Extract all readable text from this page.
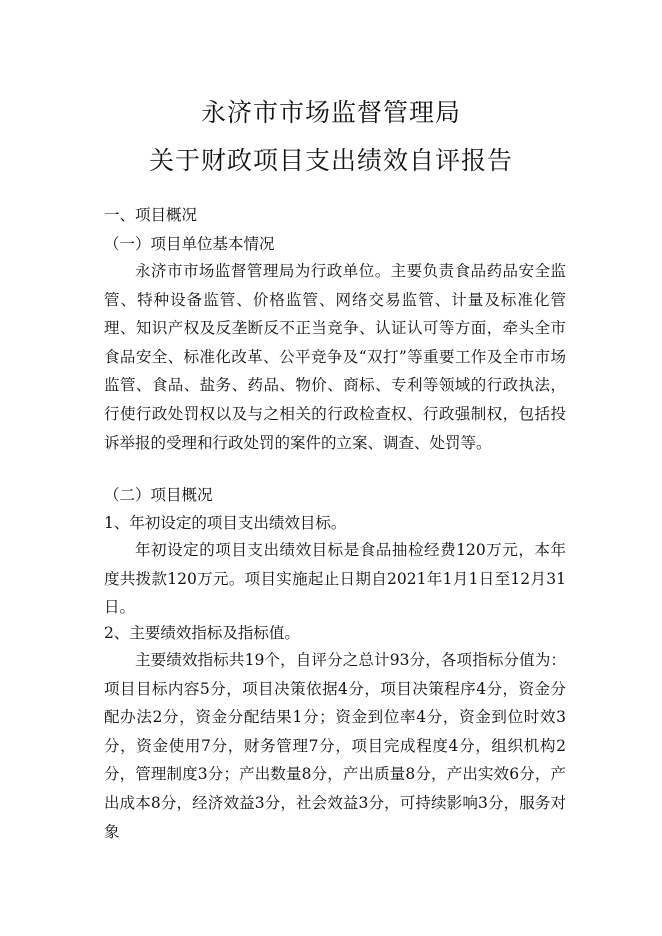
永济市市场监督管理局
关于财政项目支出绩效自评报告
一、项目概况
（一）项目单位基本情况
永济市市场监督管理局为行政单位。主要负责食品药品安全监管、特种设备监管、价格监管、网络交易监管、计量及标准化管理、知识产权及反垄断反不正当竞争、认证认可等方面，牵头全市食品安全、标准化改革、公平竞争及“双打”等重要工作及全市市场监管、食品、盐务、药品、物价、商标、专利等领域的行政执法，行使行政处罚权以及与之相关的行政检查权、行政强制权，包括投诉举报的受理和行政处罚的案件的立案、调查、处罚等。
（二）项目概况
1、年初设定的项目支出绩效目标。
年初设定的项目支出绩效目标是食品抽检经费120万元，本年度共拨款120万元。项目实施起止日期自2021年1月1日至12月31日。
2、主要绩效指标及指标值。
主要绩效指标共19个，自评分之总计93分，各项指标分值为：项目目标内容5分，项目决策依据4分，项目决策程序4分，资金分配办法2分，资金分配结果1分；资金到位率4分，资金到位时效3分，资金使用7分，财务管理7分，项目完成程度4分，组织机构2分，管理制度3分；产出数量8分，产出质量8分，产出实效6分，产出成本8分，经济效益3分，社会效益3分，可持续影响3分，服务对象
